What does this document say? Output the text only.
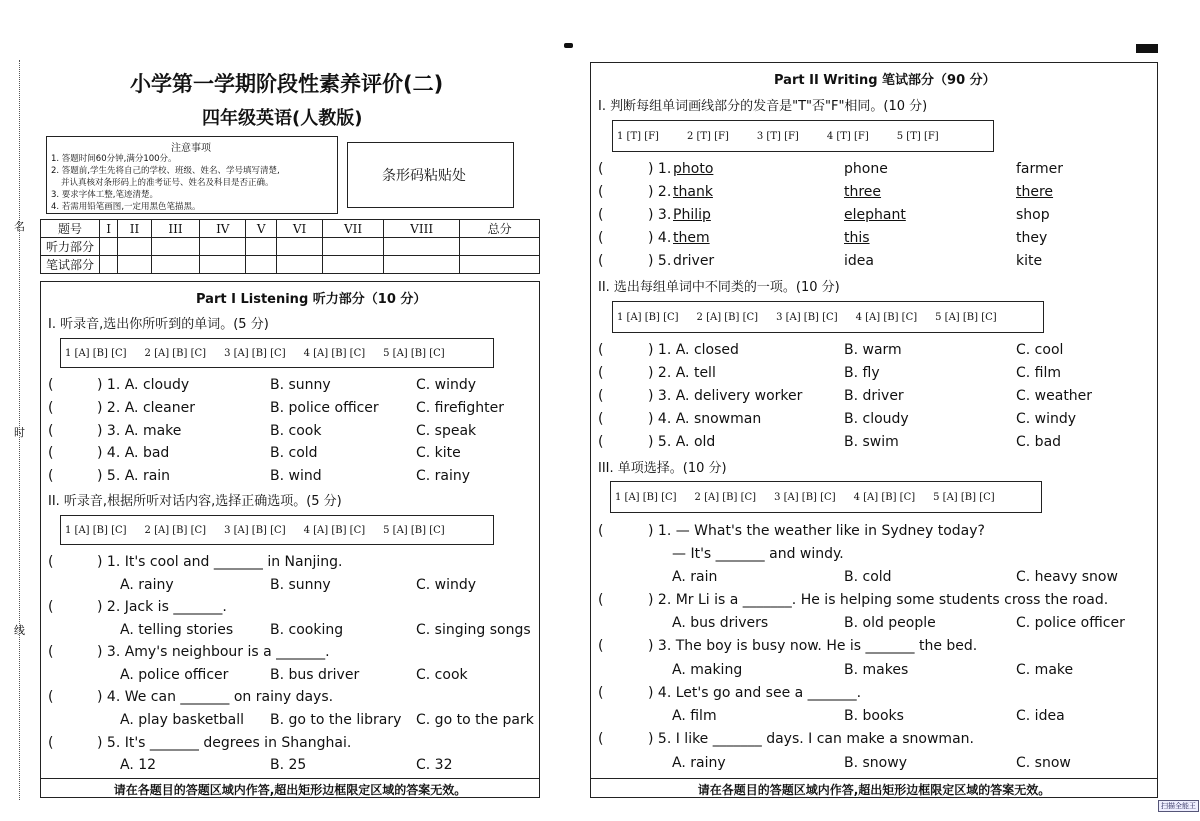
名
时
线
小学第一学期阶段性素养评价(二)
四年级英语(人教版)
注意事项
1. 答题时间60分钟,满分100分。
2. 答题前,学生先将自己的学校、班级、姓名、学号填写清楚,
并认真核对条形码上的准考证号、姓名及科目是否正确。
3. 要求字体工整,笔迹清楚。
4. 若需用铅笔画图,一定用黑色笔描黑。
条形码粘贴处
题号	I	II	III	IV	V	VI	VII	VIII	总分
听力部分									
笔试部分									
Part I Listening 听力部分（10 分）
I. 听录音,选出你所听到的单词。(5 分)
1 [A] [B] [C] 2 [A] [B] [C] 3 [A] [B] [C] 4 [A] [B] [C] 5 [A] [B] [C]
(	) 1. A. cloudy	B. sunny	C. windy
(	) 2. A. cleaner	B. police officer	C. firefighter
(	) 3. A. make	B. cook	C. speak
(	) 4. A. bad	B. cold	C. kite
(	) 5. A. rain	B. wind	C. rainy
II. 听录音,根据所听对话内容,选择正确选项。(5 分)
1 [A] [B] [C] 2 [A] [B] [C] 3 [A] [B] [C] 4 [A] [B] [C] 5 [A] [B] [C]
(	) 1. It's cool and _______ in Nanjing.
A. rainy	B. sunny	C. windy
(	) 2. Jack is _______.
A. telling stories	B. cooking	C. singing songs
(	) 3. Amy's neighbour is a _______.
A. police officer	B. bus driver	C. cook
(	) 4. We can _______ on rainy days.
A. play basketball B. go to the library C. go to the park
(	) 5. It's _______ degrees in Shanghai.
A. 12	B. 25	C. 32
请在各题目的答题区域内作答,超出矩形边框限定区域的答案无效。
Part II Writing 笔试部分（90 分）
I. 判断每组单词画线部分的发音是"T"否"F"相同。(10 分)
1 [T] [F]	2 [T] [F]	3 [T] [F]	4 [T] [F]	5 [T] [F]
(	) 1. photo	phone	farmer
(	) 2. thank	three	there
(	) 3. Philip	elephant	shop
(	) 4. them	this	they
(	) 5. driver	idea	kite
II. 选出每组单词中不同类的一项。(10 分)
1 [A] [B] [C] 2 [A] [B] [C] 3 [A] [B] [C] 4 [A] [B] [C] 5 [A] [B] [C]
(	) 1. A. closed	B. warm	C. cool
(	) 2. A. tell	B. fly	C. film
(	) 3. A. delivery worker	B. driver	C. weather
(	) 4. A. snowman	B. cloudy	C. windy
(	) 5. A. old	B. swim	C. bad
III. 单项选择。(10 分)
1 [A] [B] [C] 2 [A] [B] [C] 3 [A] [B] [C] 4 [A] [B] [C] 5 [A] [B] [C]
(	) 1. — What's the weather like in Sydney today?
— It's _______ and windy.
A. rain	B. cold	C. heavy snow
(	) 2. Mr Li is a _______. He is helping some students cross the road.
A. bus drivers	B. old people	C. police officer
(	) 3. The boy is busy now. He is _______ the bed.
A. making	B. makes	C. make
(	) 4. Let's go and see a _______.
A. film	B. books	C. idea
(	) 5. I like _______ days. I can make a snowman.
A. rainy	B. snowy	C. snow
请在各题目的答题区域内作答,超出矩形边框限定区域的答案无效。
扫描全能王
